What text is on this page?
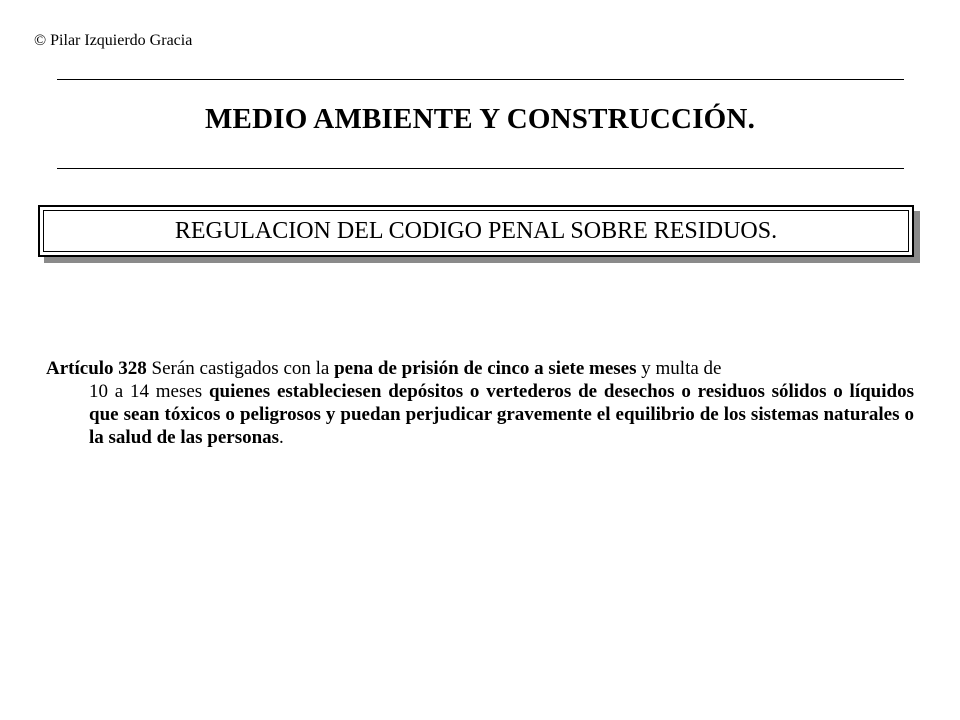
© Pilar Izquierdo Gracia
MEDIO AMBIENTE Y CONSTRUCCIÓN.
REGULACION DEL CODIGO PENAL SOBRE RESIDUOS.
Artículo 328 Serán castigados con la pena de prisión de cinco a siete meses y multa de
10 a 14 meses quienes estableciesen depósitos o vertederos de desechos o residuos sólidos o líquidos que sean tóxicos o peligrosos y puedan perjudicar gravemente el equilibrio de los sistemas naturales o la salud de las personas.
